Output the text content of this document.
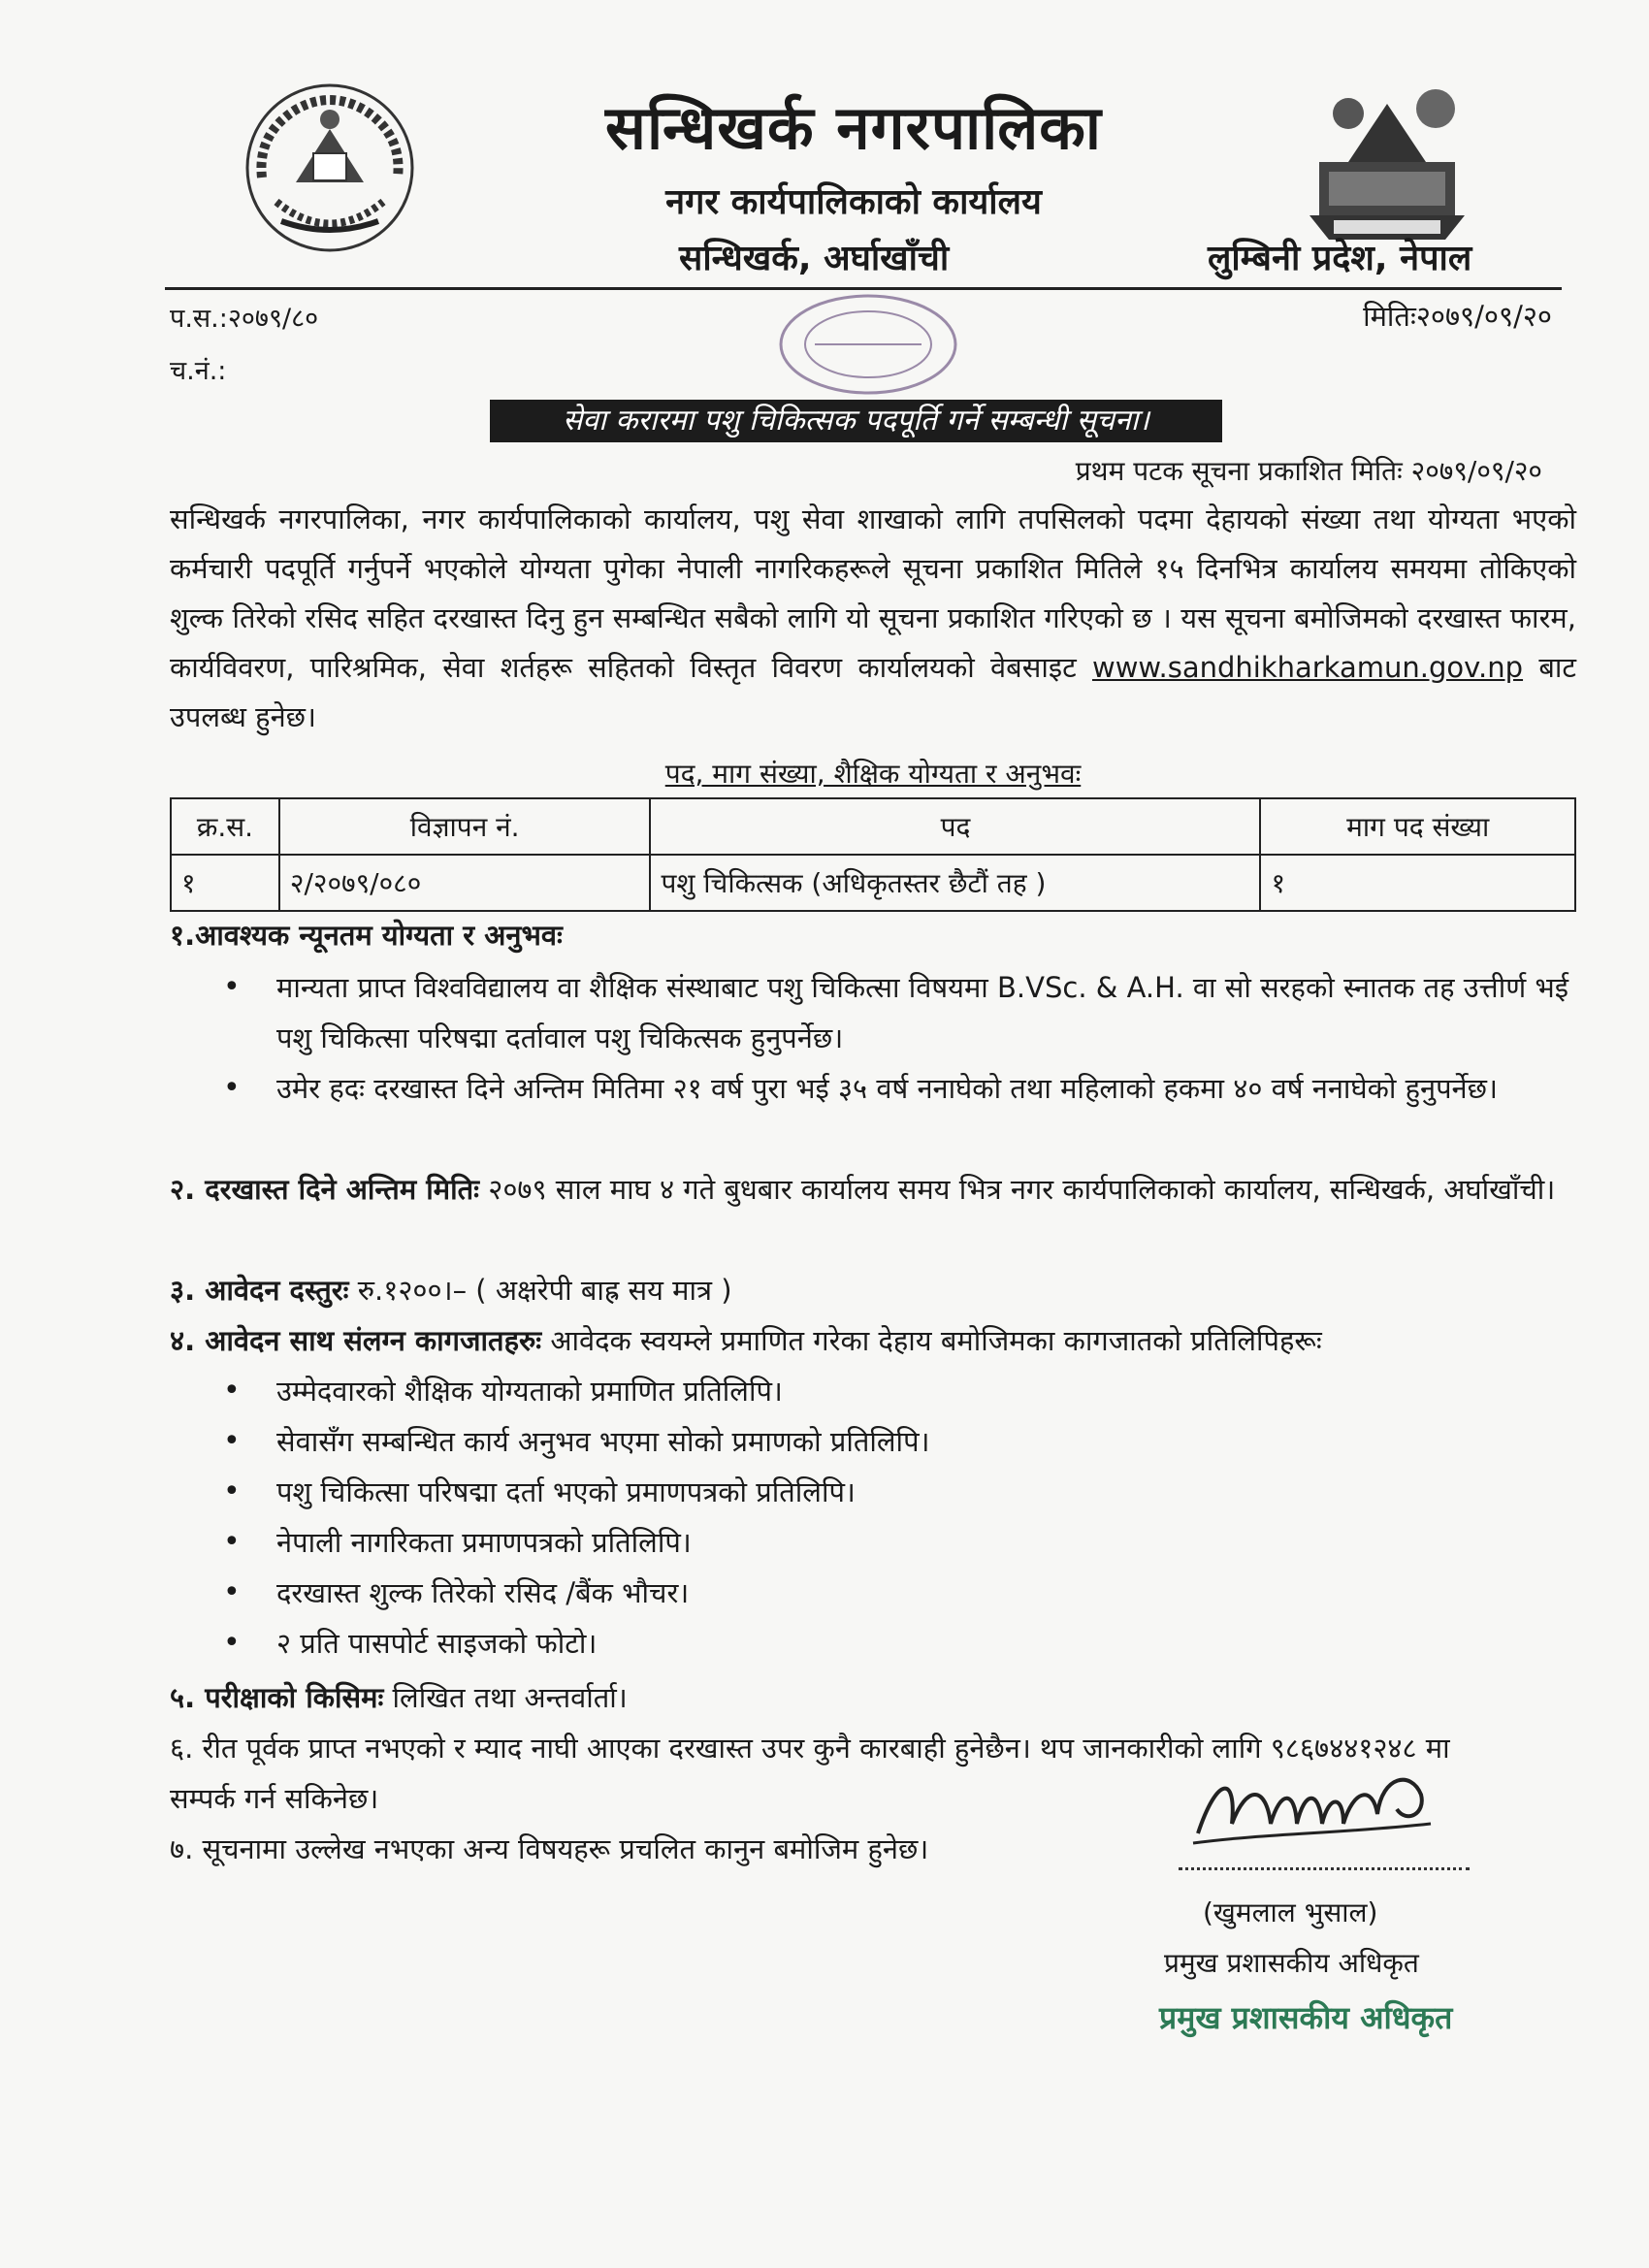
सन्धिखर्क नगरपालिका
नगर कार्यपालिकाको कार्यालय
सन्धिखर्क, अर्घाखाँची	लुम्बिनी प्रदेश, नेपाल
प.स.:२०७९/८०
च.नं.:
मितिः२०७९/०९/२०
सेवा करारमा पशु चिकित्सक पदपूर्ति गर्ने सम्बन्धी सूचना।
प्रथम पटक सूचना प्रकाशित मितिः २०७९/०९/२०
सन्धिखर्क नगरपालिका, नगर कार्यपालिकाको कार्यालय, पशु सेवा शाखाको लागि तपसिलको पदमा देहायको संख्या तथा योग्यता भएको कर्मचारी पदपूर्ति गर्नुपर्ने भएकोले योग्यता पुगेका नेपाली नागरिकहरूले सूचना प्रकाशित मितिले १५ दिनभित्र कार्यालय समयमा तोकिएको शुल्क तिरेको रसिद सहित दरखास्त दिनु हुन सम्बन्धित सबैको लागि यो सूचना प्रकाशित गरिएको छ । यस सूचना बमोजिमको दरखास्त फारम, कार्यविवरण, पारिश्रमिक, सेवा शर्तहरू सहितको विस्तृत विवरण कार्यालयको वेबसाइट www.sandhikharkamun.gov.np बाट उपलब्ध हुनेछ।
पद, माग संख्या, शैक्षिक योग्यता र अनुभवः
क्र.स.	विज्ञापन नं.	पद	माग पद संख्या
१	२/२०७९/०८०	पशु चिकित्सक (अधिकृतस्तर छैटौं तह )	१
१.आवश्यक न्यूनतम योग्यता र अनुभवः
• मान्यता प्राप्त विश्वविद्यालय वा शैक्षिक संस्थाबाट पशु चिकित्सा विषयमा B.VSc. & A.H. वा सो सरहको स्नातक तह उत्तीर्ण भई पशु चिकित्सा परिषद्मा दर्तावाल पशु चिकित्सक हुनुपर्नेछ।
• उमेर हदः दरखास्त दिने अन्तिम मितिमा २१ वर्ष पुरा भई ३५ वर्ष ननाघेको तथा महिलाको हकमा ४० वर्ष ननाघेको हुनुपर्नेछ।
२. दरखास्त दिने अन्तिम मितिः २०७९ साल माघ ४ गते बुधबार कार्यालय समय भित्र नगर कार्यपालिकाको कार्यालय, सन्धिखर्क, अर्घाखाँची।
३. आवेदन दस्तुरः रु.१२००।– ( अक्षरेपी बाह्र सय मात्र )
४. आवेदन साथ संलग्न कागजातहरुः आवेदक स्वयम्ले प्रमाणित गरेका देहाय बमोजिमका कागजातको प्रतिलिपिहरूः
• उम्मेदवारको शैक्षिक योग्यताको प्रमाणित प्रतिलिपि।
• सेवासँग सम्बन्धित कार्य अनुभव भएमा सोको प्रमाणको प्रतिलिपि।
• पशु चिकित्सा परिषद्मा दर्ता भएको प्रमाणपत्रको प्रतिलिपि।
• नेपाली नागरिकता प्रमाणपत्रको प्रतिलिपि।
• दरखास्त शुल्क तिरेको रसिद /बैंक भौचर।
• २ प्रति पासपोर्ट साइजको फोटो।
५. परीक्षाको किसिमः लिखित तथा अन्तर्वार्ता।
६. रीत पूर्वक प्राप्त नभएको र म्याद नाघी आएका दरखास्त उपर कुनै कारबाही हुनेछैन। थप जानकारीको लागि ९८६७४४१२४८ मा सम्पर्क गर्न सकिनेछ।
७. सूचनामा उल्लेख नभएका अन्य विषयहरू प्रचलित कानुन बमोजिम हुनेछ।
(खुमलाल भुसाल)
प्रमुख प्रशासकीय अधिकृत
प्रमुख प्रशासकीय अधिकृत
